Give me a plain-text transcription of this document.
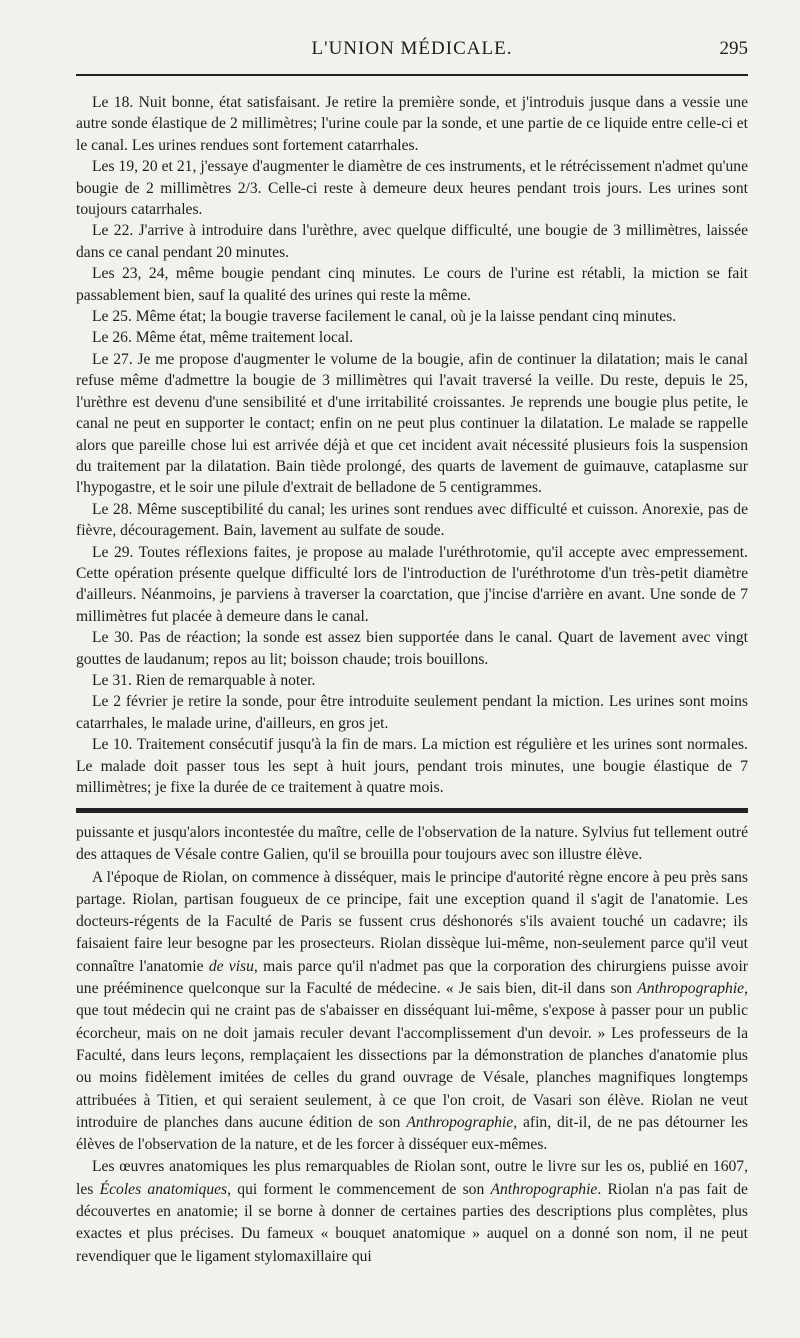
L'UNION MÉDICALE.	295

Le 18. Nuit bonne, état satisfaisant. Je retire la première sonde, et j'introduis jusque dans a vessie une autre sonde élastique de 2 millimètres; l'urine coule par la sonde, et une partie de ce liquide entre celle-ci et le canal. Les urines rendues sont fortement catarrhales.

Les 19, 20 et 21, j'essaye d'augmenter le diamètre de ces instruments, et le rétrécissement n'admet qu'une bougie de 2 millimètres 2/3. Celle-ci reste à demeure deux heures pendant trois jours. Les urines sont toujours catarrhales.

Le 22. J'arrive à introduire dans l'urèthre, avec quelque difficulté, une bougie de 3 millimètres, laissée dans ce canal pendant 20 minutes.

Les 23, 24, même bougie pendant cinq minutes. Le cours de l'urine est rétabli, la miction se fait passablement bien, sauf la qualité des urines qui reste la même.

Le 25. Même état; la bougie traverse facilement le canal, où je la laisse pendant cinq minutes.

Le 26. Même état, même traitement local.

Le 27. Je me propose d'augmenter le volume de la bougie, afin de continuer la dilatation; mais le canal refuse même d'admettre la bougie de 3 millimètres qui l'avait traversé la veille. Du reste, depuis le 25, l'urèthre est devenu d'une sensibilité et d'une irritabilité croissantes. Je reprends une bougie plus petite, le canal ne peut en supporter le contact; enfin on ne peut plus continuer la dilatation. Le malade se rappelle alors que pareille chose lui est arrivée déjà et que cet incident avait nécessité plusieurs fois la suspension du traitement par la dilatation. Bain tiède prolongé, des quarts de lavement de guimauve, cataplasme sur l'hypogastre, et le soir une pilule d'extrait de belladone de 5 centigrammes.

Le 28. Même susceptibilité du canal; les urines sont rendues avec difficulté et cuisson. Anorexie, pas de fièvre, découragement. Bain, lavement au sulfate de soude.

Le 29. Toutes réflexions faites, je propose au malade l'uréthrotomie, qu'il accepte avec empressement. Cette opération présente quelque difficulté lors de l'introduction de l'uréthrotome d'un très-petit diamètre d'ailleurs. Néanmoins, je parviens à traverser la coarctation, que j'incise d'arrière en avant. Une sonde de 7 millimètres fut placée à demeure dans le canal.

Le 30. Pas de réaction; la sonde est assez bien supportée dans le canal. Quart de lavement avec vingt gouttes de laudanum; repos au lit; boisson chaude; trois bouillons.

Le 31. Rien de remarquable à noter.

Le 2 février je retire la sonde, pour être introduite seulement pendant la miction. Les urines sont moins catarrhales, le malade urine, d'ailleurs, en gros jet.

Le 10. Traitement consécutif jusqu'à la fin de mars. La miction est régulière et les urines sont normales. Le malade doit passer tous les sept à huit jours, pendant trois minutes, une bougie élastique de 7 millimètres; je fixe la durée de ce traitement à quatre mois.

puissante et jusqu'alors incontestée du maître, celle de l'observation de la nature. Sylvius fut tellement outré des attaques de Vésale contre Galien, qu'il se brouilla pour toujours avec son illustre élève.

A l'époque de Riolan, on commence à disséquer, mais le principe d'autorité règne encore à peu près sans partage. Riolan, partisan fougueux de ce principe, fait une exception quand il s'agit de l'anatomie. Les docteurs-régents de la Faculté de Paris se fussent crus déshonorés s'ils avaient touché un cadavre; ils faisaient faire leur besogne par les prosecteurs. Riolan dissèque lui-même, non-seulement parce qu'il veut connaître l'anatomie de visu, mais parce qu'il n'admet pas que la corporation des chirurgiens puisse avoir une prééminence quelconque sur la Faculté de médecine. « Je sais bien, dit-il dans son Anthropographie, que tout médecin qui ne craint pas de s'abaisser en disséquant lui-même, s'expose à passer pour un public écorcheur, mais on ne doit jamais reculer devant l'accomplissement d'un devoir. » Les professeurs de la Faculté, dans leurs leçons, remplaçaient les dissections par la démonstration de planches d'anatomie plus ou moins fidèlement imitées de celles du grand ouvrage de Vésale, planches magnifiques longtemps attribuées à Titien, et qui seraient seulement, à ce que l'on croit, de Vasari son élève. Riolan ne veut introduire de planches dans aucune édition de son Anthropographie, afin, dit-il, de ne pas détourner les élèves de l'observation de la nature, et de les forcer à disséquer eux-mêmes.

Les œuvres anatomiques les plus remarquables de Riolan sont, outre le livre sur les os, publié en 1607, les Écoles anatomiques, qui forment le commencement de son Anthropographie. Riolan n'a pas fait de découvertes en anatomie; il se borne à donner de certaines parties des descriptions plus complètes, plus exactes et plus précises. Du fameux « bouquet anatomique » auquel on a donné son nom, il ne peut revendiquer que le ligament stylomaxillaire qui
